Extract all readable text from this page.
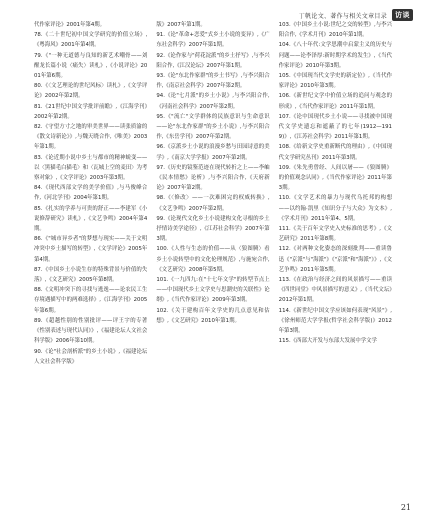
丁帆论文、著作与相关文章目录	访谈

代作家评论》2001年第4期。

78.《二十世纪初中国文学研究的价值立场》,《粤海风》2001年第4期。

79.《"一种无道德与良知的新艺术嘲骨——刘醒龙长篇小说〈痛失〉读札》,《小说评论》2001年第6期。

80.《〈文艺理论的世纪风标〉读札》,《文学评论》2002年第2期。

81.《21世纪中国文学批评前瞻》,《江海学刊》2002年第2期。

82.《守望方寸之地的审美世界——读张质渝的《散文诗新论》》,与魏天晓合作,《唯美》2003年第1期。

83.《论近期小说中乡土与都市的精神蜕变——以〈黑猫毛白猫毛〉和〈瓦城上空的麦田〉为考察对象》,《文学评论》2003年第3期。

84.《现代西部文学的美学价值》,与马俊峰合作,《河北学刊》2004年第1期。

85.《扎实的学养与可贵的舒正——李建军《小说修辞研究》读札》,《文艺争鸣》2004年第4期。

86.《"城市异乡者"的梦想与现实——关于文明冲突中乡土描写的转型》,《文学评论》2005年第4期。

87.《中国乡土小说生存的特殊背景与价值的失落》,《文艺研究》2005年第8期。

88.《文明冲突下的寻找与逃逸——论农民工生存境遇描写中的两难选择》,《江海学刊》2005年第6期。

89.《超越性别的性别批评——评王宇的专著《性别表述与现代认同》》,《福建论坛人文社会科学版》2006年第10期。

90.《论"社会剖析派"的乡土小说》,《福建论坛人文社会科学版》

版》2007年第1期。

91.《论"革命+恋爱"式乡土小说的变异》,《广东社会科学》2007年第1期。

92.《论作家与"荷花淀派"的乡土抒写》,与李兴阳合作,《江汉论坛》2007年第1期。

93.《论"东北作家群"的乡土书写》,与李兴阳合作,《南京社会科学》2007年第2期。

94.《论"七月派"的乡土小说》,与李兴阳合作,《河南社会科学》2007年第2期。

95.《"流亡"文学群体的民族意识与生命意识——论"东北作家群"的乡土小说》,与李兴阳合作,《东岳学刊》2007年第2期。

96.《京派乡土小说的浪漫乡愁与田园诗意的美学》,《南京大学学报》2007年第2期。

97.《历史的镜鉴范迹在现代转折之上——李岫《民本情愁》论析》,与李兴阳合作,《天府新论》2007年第2期。

98.《〈修改〉——一次难困完的权威转换》,《文艺争鸣》2007年第2期。

99.《论现代文化乡土小说建构文化寻根的乡土抒情诗美学途径》,《江苏社会科学》2007年第3期。

100.《人性与生态的价值——从〈狼图腾〉看乡土小说转型中的文化伦理规范》,与施宛合作,《文艺研究》2008年第5期。

101.《一九四九:在"十七年文学"的转型节点上——中国现代乡土文学史与思潮史的关联性》论纲》,《当代作家评论》2009年第3期。

102.《关于建构百年文学史的几点意见和估想》,《文艺研究》2010年第1期。

103.《中国乡土小说:世纪之交的转型》,与李兴阳合作,《学术月刊》2010年第1期。

104.《八十年代:文学思潮中启蒙主义的历史与问题——论李泽厚:新时期学术的发生》,《当代作家评论》2010年第3期。

105.《中国现当代文学史的新定位》,《当代作家评论》2010年第3期。

106.《新世纪文学中价值立场的追问与观念的形成》,《当代作家评论》2011年第1期。

107.《论中国现代乡土小说——寻找被中国现代文学史遗忘和遮蔽了的七年(1912—1919)》,《江苏社会科学》2011年第1期。

108.《给新文学史重新断代的理由》,《中国现代文学研究丛刊》2011年第3期。

109.《朱先勇曾经、人间以屠——《狼图腾》的价值观念认同》,《当代作家评论》2011年第3期。

110.《文学艺术的暴力与现代乌托邦的构想——以约翰·凯里《知识分子与大众》为文本》,《学术月刊》2011年第4、5期。

111.《关于百年文学史入史标准的思考》,《文艺研究》2011年第8期。

112.《对两种文化姿态的深刻批判——重读鲁迅《"京派"与"海派"》《"京派"和"海派"》》,《文艺争鸣》2011年第5期。

113.《在政治与经济之间的风景描写——重读《四世同堂》中风景描写的意义》,《当代文坛》2012年第1期。

114.《新世纪中国文学应该如何表现"风景"》,《徐州师范大学学报(哲学社会科学版)》2012年第3期。

115.《西部大开发与东部大发展中学文学

21
